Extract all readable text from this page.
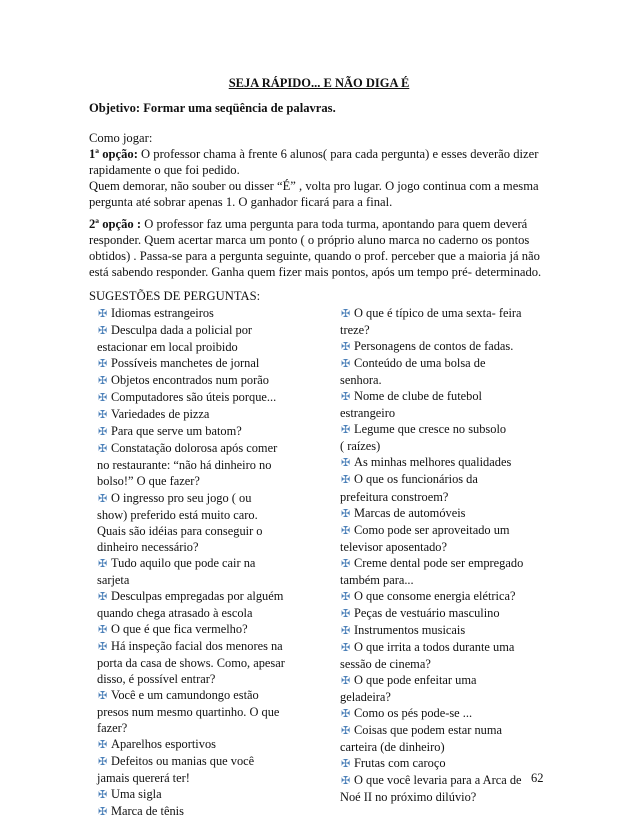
SEJA RÁPIDO... E NÃO DIGA É
Objetivo: Formar uma seqüência de palavras.
Como jogar:
1ª opção: O professor chama à frente 6 alunos( para cada pergunta) e esses deverão dizer
rapidamente o que foi pedido.
Quem demorar, não souber ou disser “É” , volta pro lugar. O jogo continua com a mesma
pergunta até sobrar apenas 1. O ganhador ficará para a final.
2ª opção : O professor faz uma pergunta para toda turma, apontando para quem deverá
responder. Quem acertar marca um ponto ( o próprio aluno marca no caderno os pontos
obtidos) . Passa-se para a pergunta seguinte, quando o prof. perceber que a maioria já não
está sabendo responder. Ganha quem fizer mais pontos, após um tempo pré- determinado.
SUGESTÕES DE PERGUNTAS:
✠ Idiomas estrangeiros
✠ Desculpa dada a policial por
estacionar em local proibido
✠ Possíveis manchetes de jornal
✠ Objetos encontrados num porão
✠ Computadores são úteis porque...
✠ Variedades de pizza
✠ Para que serve um batom?
✠ Constatação dolorosa após comer
no restaurante: “não há dinheiro no
bolso!” O que fazer?
✠ O ingresso pro seu jogo ( ou
show) preferido está muito caro.
Quais são idéias para conseguir o
dinheiro necessário?
✠ Tudo aquilo que pode cair na
sarjeta
✠ Desculpas empregadas por alguém
quando chega atrasado à escola
✠ O que é que fica vermelho?
✠ Há inspeção facial dos menores na
porta da casa de shows. Como, apesar
disso, é possível entrar?
✠ Você e um camundongo estão
presos num mesmo quartinho. O que
fazer?
✠ Aparelhos esportivos
✠ Defeitos ou manias que você
jamais quererá ter!
✠ Uma sigla
✠ Marca de tênis
✠ O que é típico de uma sexta- feira
treze?
✠ Personagens de contos de fadas.
✠ Conteúdo de uma bolsa de
senhora.
✠ Nome de clube de futebol
estrangeiro
✠ Legume que cresce no subsolo
( raízes)
✠ As minhas melhores qualidades
✠ O que os funcionários da
prefeitura constroem?
✠ Marcas de automóveis
✠ Como pode ser aproveitado um
televisor aposentado?
✠ Creme dental pode ser empregado
também para...
✠ O que consome energia elétrica?
✠ Peças de vestuário masculino
✠ Instrumentos musicais
✠ O que irrita a todos durante uma
sessão de cinema?
✠ O que pode enfeitar uma
geladeira?
✠ Como os pés pode-se ...
✠ Coisas que podem estar numa
carteira (de dinheiro)
✠ Frutas com caroço
✠ O que você levaria para a Arca de
Noé II no próximo dilúvio?
62
